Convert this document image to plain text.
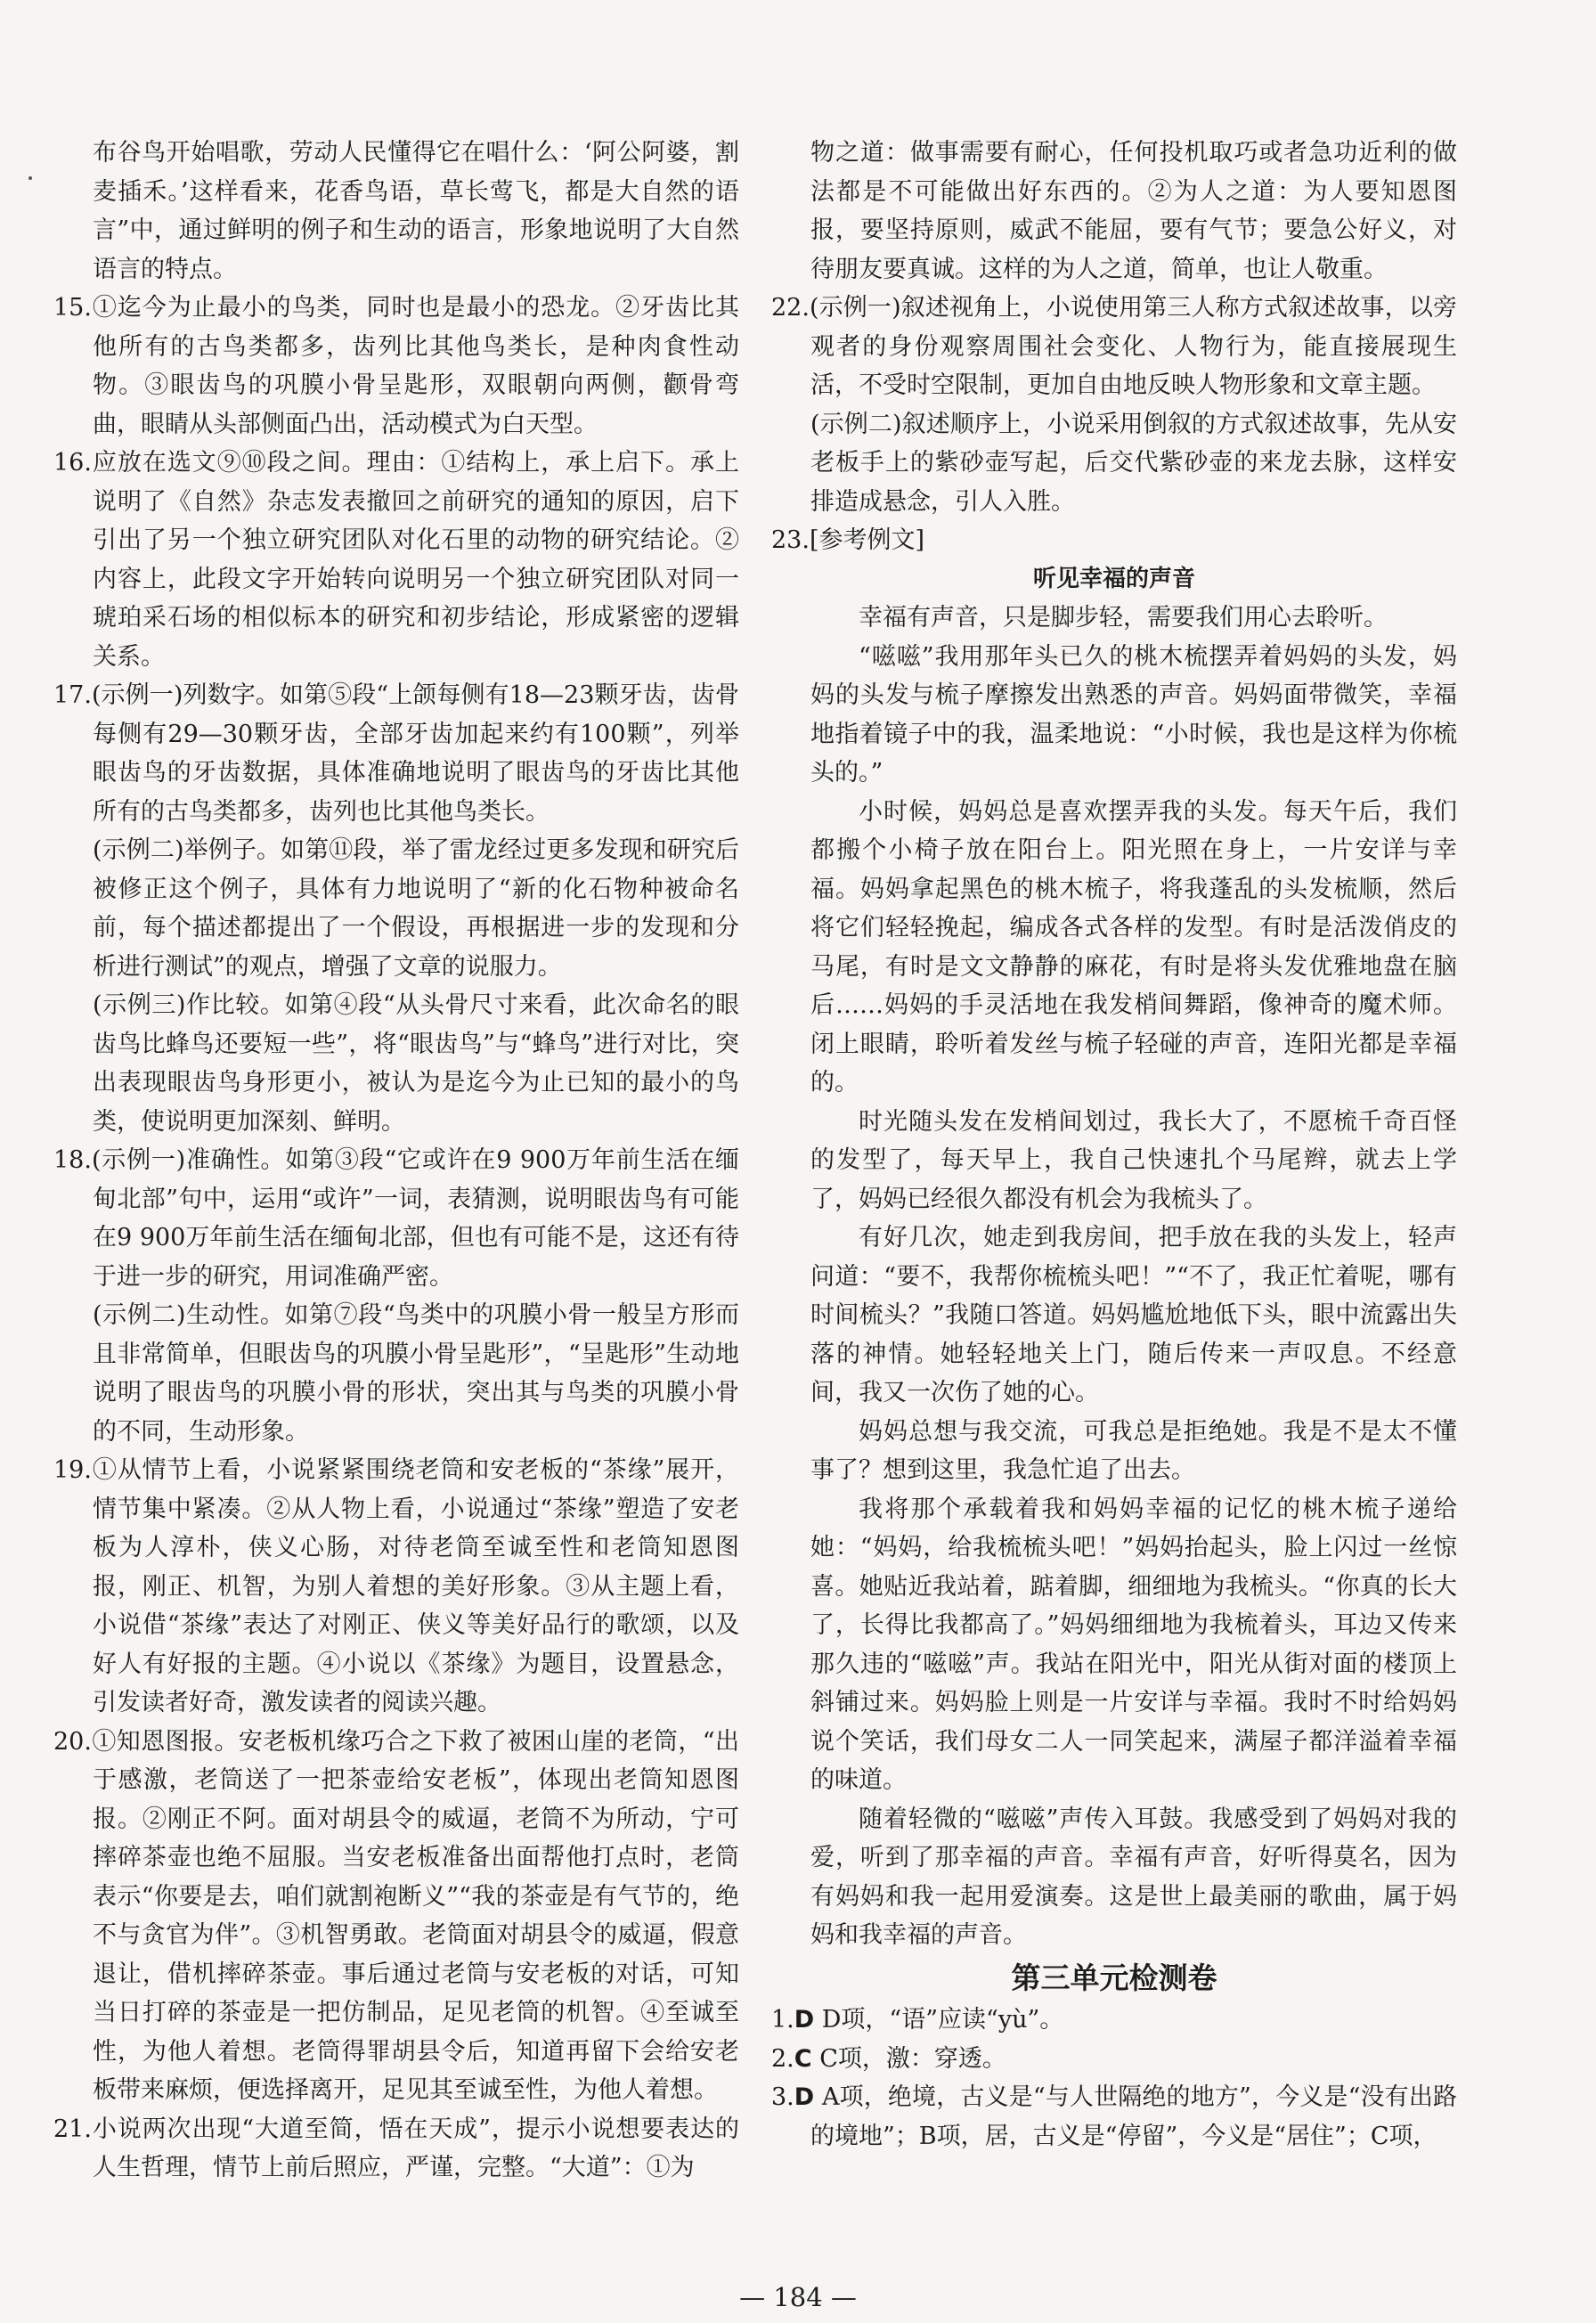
布谷鸟开始唱歌，劳动人民懂得它在唱什么：‘阿公阿婆，割麦插禾。’这样看来，花香鸟语，草长莺飞，都是大自然的语言”中，通过鲜明的例子和生动的语言，形象地说明了大自然语言的特点。

15.①迄今为止最小的鸟类，同时也是最小的恐龙。②牙齿比其他所有的古鸟类都多，齿列比其他鸟类长，是种肉食性动物。③眼齿鸟的巩膜小骨呈匙形，双眼朝向两侧，颧骨弯曲，眼睛从头部侧面凸出，活动模式为白天型。

16.应放在选文⑨⑩段之间。理由：①结构上，承上启下。承上说明了《自然》杂志发表撤回之前研究的通知的原因，启下引出了另一个独立研究团队对化石里的动物的研究结论。②内容上，此段文字开始转向说明另一个独立研究团队对同一琥珀采石场的相似标本的研究和初步结论，形成紧密的逻辑关系。

17.(示例一)列数字。如第⑤段“上颌每侧有18—23颗牙齿，齿骨每侧有29—30颗牙齿，全部牙齿加起来约有100颗”，列举眼齿鸟的牙齿数据，具体准确地说明了眼齿鸟的牙齿比其他所有的古鸟类都多，齿列也比其他鸟类长。

(示例二)举例子。如第⑪段，举了雷龙经过更多发现和研究后被修正这个例子，具体有力地说明了“新的化石物种被命名前，每个描述都提出了一个假设，再根据进一步的发现和分析进行测试”的观点，增强了文章的说服力。

(示例三)作比较。如第④段“从头骨尺寸来看，此次命名的眼齿鸟比蜂鸟还要短一些”，将“眼齿鸟”与“蜂鸟”进行对比，突出表现眼齿鸟身形更小，被认为是迄今为止已知的最小的鸟类，使说明更加深刻、鲜明。

18.(示例一)准确性。如第③段“它或许在9 900万年前生活在缅甸北部”句中，运用“或许”一词，表猜测，说明眼齿鸟有可能在9 900万年前生活在缅甸北部，但也有可能不是，这还有待于进一步的研究，用词准确严密。

(示例二)生动性。如第⑦段“鸟类中的巩膜小骨一般呈方形而且非常简单，但眼齿鸟的巩膜小骨呈匙形”，“呈匙形”生动地说明了眼齿鸟的巩膜小骨的形状，突出其与鸟类的巩膜小骨的不同，生动形象。

19.①从情节上看，小说紧紧围绕老筒和安老板的“茶缘”展开，情节集中紧凑。②从人物上看，小说通过“茶缘”塑造了安老板为人淳朴，侠义心肠，对待老筒至诚至性和老筒知恩图报，刚正、机智，为别人着想的美好形象。③从主题上看，小说借“茶缘”表达了对刚正、侠义等美好品行的歌颂，以及好人有好报的主题。④小说以《茶缘》为题目，设置悬念，引发读者好奇，激发读者的阅读兴趣。

20.①知恩图报。安老板机缘巧合之下救了被困山崖的老筒，“出于感激，老筒送了一把茶壶给安老板”，体现出老筒知恩图报。②刚正不阿。面对胡县令的威逼，老筒不为所动，宁可摔碎茶壶也绝不屈服。当安老板准备出面帮他打点时，老筒表示“你要是去，咱们就割袍断义”“我的茶壶是有气节的，绝不与贪官为伴”。③机智勇敢。老筒面对胡县令的威逼，假意退让，借机摔碎茶壶。事后通过老筒与安老板的对话，可知当日打碎的茶壶是一把仿制品，足见老筒的机智。④至诚至性，为他人着想。老筒得罪胡县令后，知道再留下会给安老板带来麻烦，便选择离开，足见其至诚至性，为他人着想。

21.小说两次出现“大道至简，悟在天成”，提示小说想要表达的人生哲理，情节上前后照应，严谨，完整。“大道”：①为

物之道：做事需要有耐心，任何投机取巧或者急功近利的做法都是不可能做出好东西的。②为人之道：为人要知恩图报，要坚持原则，威武不能屈，要有气节；要急公好义，对待朋友要真诚。这样的为人之道，简单，也让人敬重。

22.(示例一)叙述视角上，小说使用第三人称方式叙述故事，以旁观者的身份观察周围社会变化、人物行为，能直接展现生活，不受时空限制，更加自由地反映人物形象和文章主题。

(示例二)叙述顺序上，小说采用倒叙的方式叙述故事，先从安老板手上的紫砂壶写起，后交代紫砂壶的来龙去脉，这样安排造成悬念，引人入胜。

23.[参考例文]

听见幸福的声音

幸福有声音，只是脚步轻，需要我们用心去聆听。

“嗞嗞”我用那年头已久的桃木梳摆弄着妈妈的头发，妈妈的头发与梳子摩擦发出熟悉的声音。妈妈面带微笑，幸福地指着镜子中的我，温柔地说：“小时候，我也是这样为你梳头的。”

小时候，妈妈总是喜欢摆弄我的头发。每天午后，我们都搬个小椅子放在阳台上。阳光照在身上，一片安详与幸福。妈妈拿起黑色的桃木梳子，将我蓬乱的头发梳顺，然后将它们轻轻挽起，编成各式各样的发型。有时是活泼俏皮的马尾，有时是文文静静的麻花，有时是将头发优雅地盘在脑后……妈妈的手灵活地在我发梢间舞蹈，像神奇的魔术师。闭上眼睛，聆听着发丝与梳子轻碰的声音，连阳光都是幸福的。

时光随头发在发梢间划过，我长大了，不愿梳千奇百怪的发型了，每天早上，我自己快速扎个马尾辫，就去上学了，妈妈已经很久都没有机会为我梳头了。

有好几次，她走到我房间，把手放在我的头发上，轻声问道：“要不，我帮你梳梳头吧！”“不了，我正忙着呢，哪有时间梳头？”我随口答道。妈妈尴尬地低下头，眼中流露出失落的神情。她轻轻地关上门，随后传来一声叹息。不经意间，我又一次伤了她的心。

妈妈总想与我交流，可我总是拒绝她。我是不是太不懂事了？想到这里，我急忙追了出去。

我将那个承载着我和妈妈幸福的记忆的桃木梳子递给她：“妈妈，给我梳梳头吧！”妈妈抬起头，脸上闪过一丝惊喜。她贴近我站着，踮着脚，细细地为我梳头。“你真的长大了，长得比我都高了。”妈妈细细地为我梳着头，耳边又传来那久违的“嗞嗞”声。我站在阳光中，阳光从街对面的楼顶上斜铺过来。妈妈脸上则是一片安详与幸福。我时不时给妈妈说个笑话，我们母女二人一同笑起来，满屋子都洋溢着幸福的味道。

随着轻微的“嗞嗞”声传入耳鼓。我感受到了妈妈对我的爱，听到了那幸福的声音。幸福有声音，好听得莫名，因为有妈妈和我一起用爱演奏。这是世上最美丽的歌曲，属于妈妈和我幸福的声音。

第三单元检测卷

1.D D项，“语”应读“yù”。

2.C C项，激：穿透。

3.D A项，绝境，古义是“与人世隔绝的地方”，今义是“没有出路的境地”；B项，居，古义是“停留”，今义是“居住”；C项，

— 184 —
